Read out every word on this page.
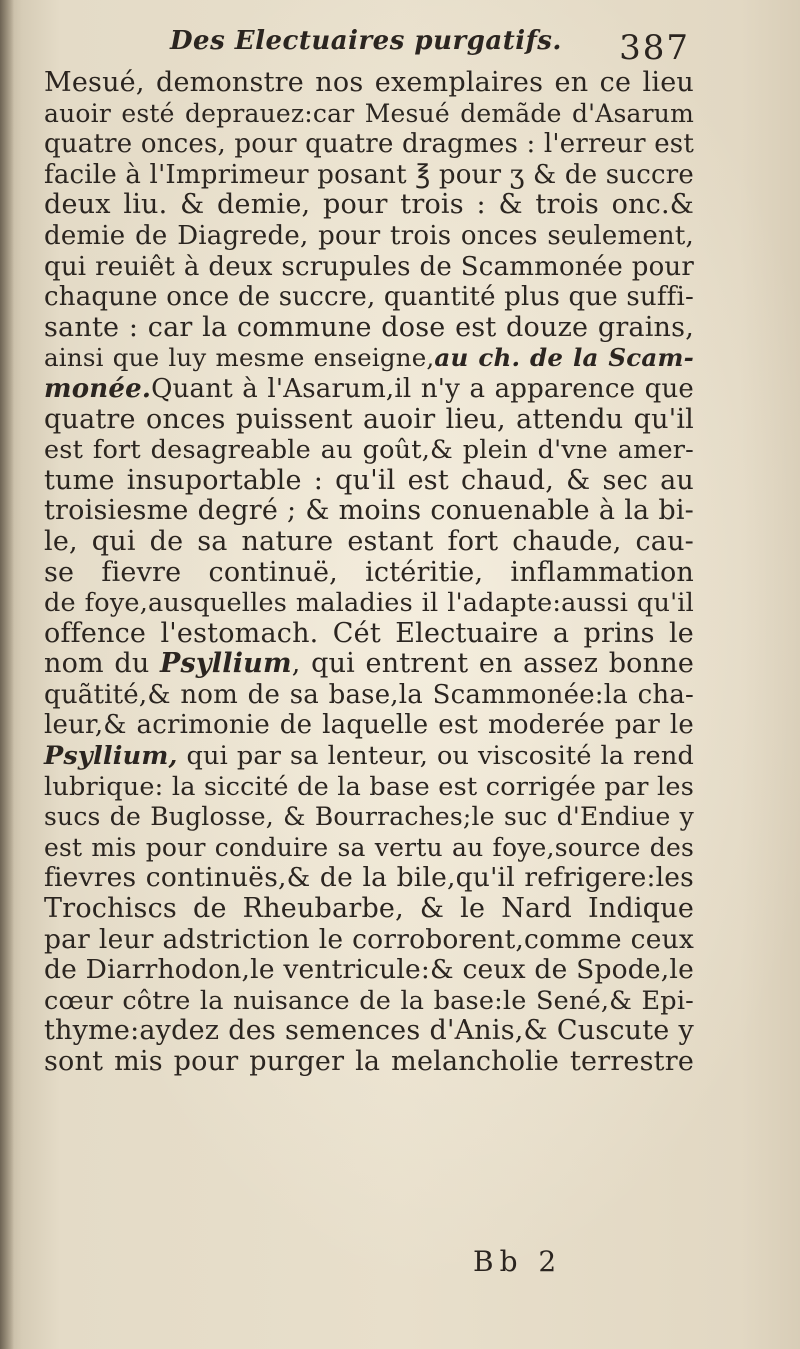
Des Electuaires purgatifs. 387
Mesué, demonstre nos exemplaires en ce lieu
auoir esté deprauez:car Mesué demãde d'Asarum
quatre onces, pour quatre dragmes : l'erreur est
facile à l'Imprimeur posant ℥ pour ʒ & de succre
deux liu. & demie, pour trois : & trois onc.&
demie de Diagrede, pour trois onces seulement,
qui reuiêt à deux scrupules de Scammonée pour
chaqune once de succre, quantité plus que suffi-
sante : car la commune dose est douze grains,
ainsi que luy mesme enseigne,au ch. de la Scam-
monée.Quant à l'Asarum,il n'y a apparence que
quatre onces puissent auoir lieu, attendu qu'il
est fort desagreable au goût,& plein d'vne amer-
tume insuportable : qu'il est chaud, & sec au
troisiesme degré ; & moins conuenable à la bi-
le, qui de sa nature estant fort chaude, cau-
se fievre continuë, ictéritie, inflammation
de foye,ausquelles maladies il l'adapte:aussi qu'il
offence l'estomach. Cét Electuaire a prins le
nom du Psyllium, qui entrent en assez bonne
quãtité,& nom de sa base,la Scammonée:la cha-
leur,& acrimonie de laquelle est moderée par le
Psyllium, qui par sa lenteur, ou viscosité la rend
lubrique: la siccité de la base est corrigée par les
sucs de Buglosse, & Bourraches;le suc d'Endiue y
est mis pour conduire sa vertu au foye,source des
fievres continuës,& de la bile,qu'il refrigere:les
Trochiscs de Rheubarbe, & le Nard Indique
par leur adstriction le corroborent,comme ceux
de Diarrhodon,le ventricule:& ceux de Spode,le
cœur côtre la nuisance de la base:le Sené,& Epi-
thyme:aydez des semences d'Anis,& Cuscute y
sont mis pour purger la melancholie terrestre
Bb 2
